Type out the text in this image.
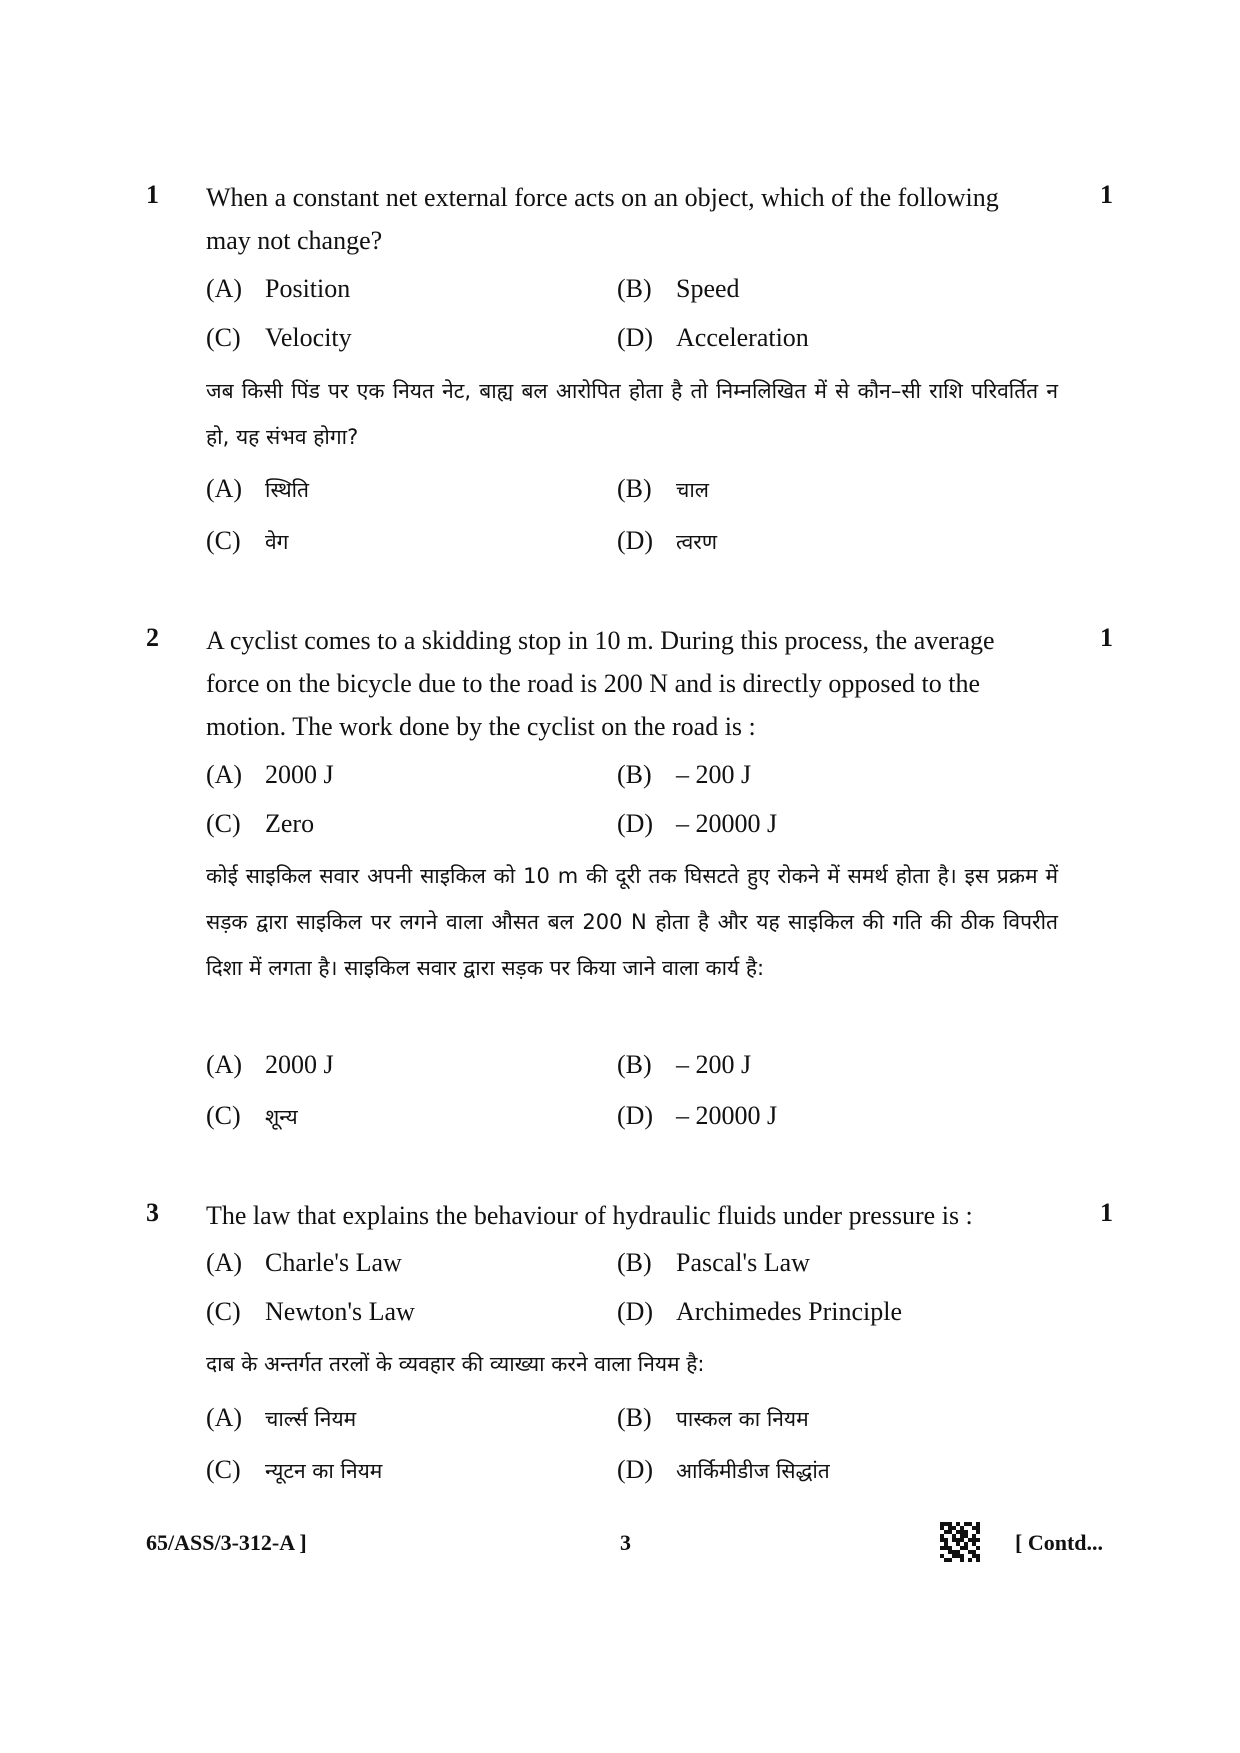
1	1
When a constant net external force acts on an object, which of the following
may not change?
(A) Position	(B) Speed
(C) Velocity	(D) Acceleration
जब किसी पिंड पर एक नियत नेट, बाह्य बल आरोपित होता है तो निम्नलिखित में से कौन–सी राशि परिवर्तित न हो, यह संभव होगा?
(A) स्थिति	(B) चाल
(C) वेग	(D) त्वरण
2	1
A cyclist comes to a skidding stop in 10 m. During this process, the average
force on the bicycle due to the road is 200 N and is directly opposed to the
motion. The work done by the cyclist on the road is :
(A) 2000 J	(B) – 200 J
(C) Zero	(D) – 20000 J
कोई साइकिल सवार अपनी साइकिल को 10 m की दूरी तक घिसटते हुए रोकने में समर्थ होता है। इस प्रक्रम में सड़क द्वारा साइकिल पर लगने वाला औसत बल 200 N होता है और यह साइकिल की गति की ठीक विपरीत दिशा में लगता है। साइकिल सवार द्वारा सड़क पर किया जाने वाला कार्य है:
(A) 2000 J	(B) – 200 J
(C) शून्य	(D) – 20000 J
3	1
The law that explains the behaviour of hydraulic fluids under pressure is :
(A) Charle's Law	(B) Pascal's Law
(C) Newton's Law	(D) Archimedes Principle
दाब के अन्तर्गत तरलों के व्यवहार की व्याख्या करने वाला नियम है:
(A) चार्ल्स नियम	(B) पास्कल का नियम
(C) न्यूटन का नियम	(D) आर्किमीडीज सिद्धांत
65/ASS/3-312-A ]	3	[ Contd...
